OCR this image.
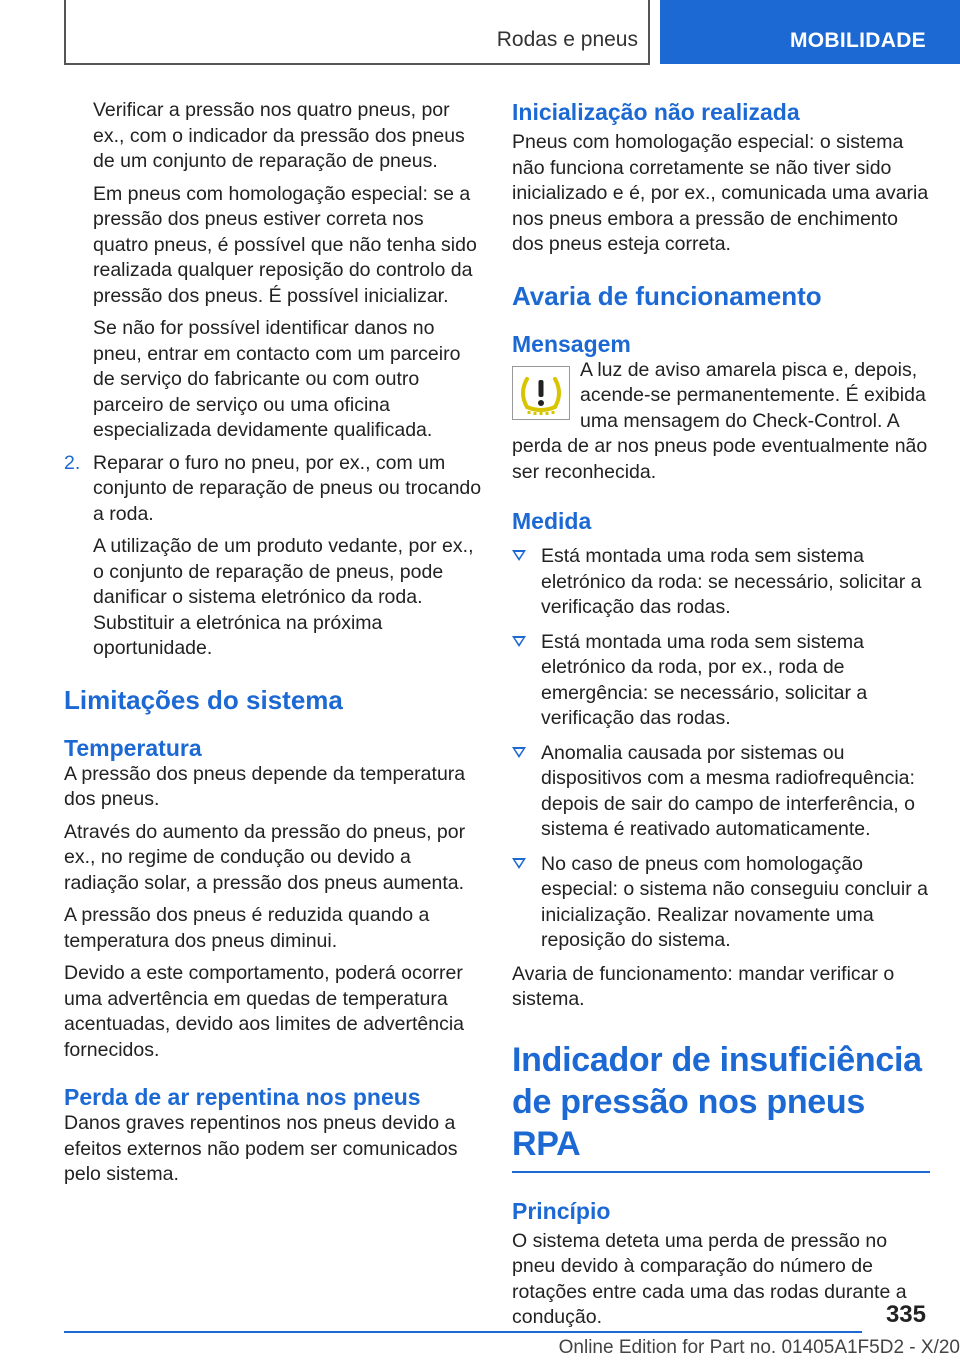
Rodas e pneus	MOBILIDADE

Verificar a pressão nos quatro pneus, por ex., com o indicador da pressão dos pneus de um conjunto de reparação de pneus.

Em pneus com homologação especial: se a pressão dos pneus estiver correta nos quatro pneus, é possível que não tenha sido realizada qualquer reposição do controlo da pressão dos pneus. É possível inicializar.

Se não for possível identificar danos no pneu, entrar em contacto com um parceiro de serviço do fabricante ou com outro parceiro de serviço ou uma oficina especializada devidamente qualificada.

2. Reparar o furo no pneu, por ex., com um conjunto de reparação de pneus ou trocando a roda.

A utilização de um produto vedante, por ex., o conjunto de reparação de pneus, pode danificar o sistema eletrónico da roda. Substituir a eletrónica na próxima oportunidade.

Limitações do sistema
Temperatura

A pressão dos pneus depende da temperatura dos pneus.

Através do aumento da pressão do pneus, por ex., no regime de condução ou devido a radiação solar, a pressão dos pneus aumenta.

A pressão dos pneus é reduzida quando a temperatura dos pneus diminui.

Devido a este comportamento, poderá ocorrer uma advertência em quedas de temperatura acentuadas, devido aos limites de advertência fornecidos.

Perda de ar repentina nos pneus

Danos graves repentinos nos pneus devido a efeitos externos não podem ser comunicados pelo sistema.

Inicialização não realizada

Pneus com homologação especial: o sistema não funciona corretamente se não tiver sido inicializado e é, por ex., comunicada uma avaria nos pneus embora a pressão de enchimento dos pneus esteja correta.

Avaria de funcionamento
Mensagem

A luz de aviso amarela pisca e, depois, acende-se permanentemente. É exibida uma mensagem do Check-Control. A perda de ar nos pneus pode eventualmente não ser reconhecida.

Medida

Está montada uma roda sem sistema eletrónico da roda: se necessário, solicitar a verificação das rodas.

Está montada uma roda sem sistema eletrónico da roda, por ex., roda de emergência: se necessário, solicitar a verificação das rodas.

Anomalia causada por sistemas ou dispositivos com a mesma radiofrequência: depois de sair do campo de interferência, o sistema é reativado automaticamente.

No caso de pneus com homologação especial: o sistema não conseguiu concluir a inicialização. Realizar novamente uma reposição do sistema.

Avaria de funcionamento: mandar verificar o sistema.

Indicador de insuficiência de pressão nos pneus RPA
Princípio

O sistema deteta uma perda de pressão no pneu devido à comparação do número de rotações entre cada uma das rodas durante a condução.	335
Online Edition for Part no. 01405A1F5D2 - X/20
